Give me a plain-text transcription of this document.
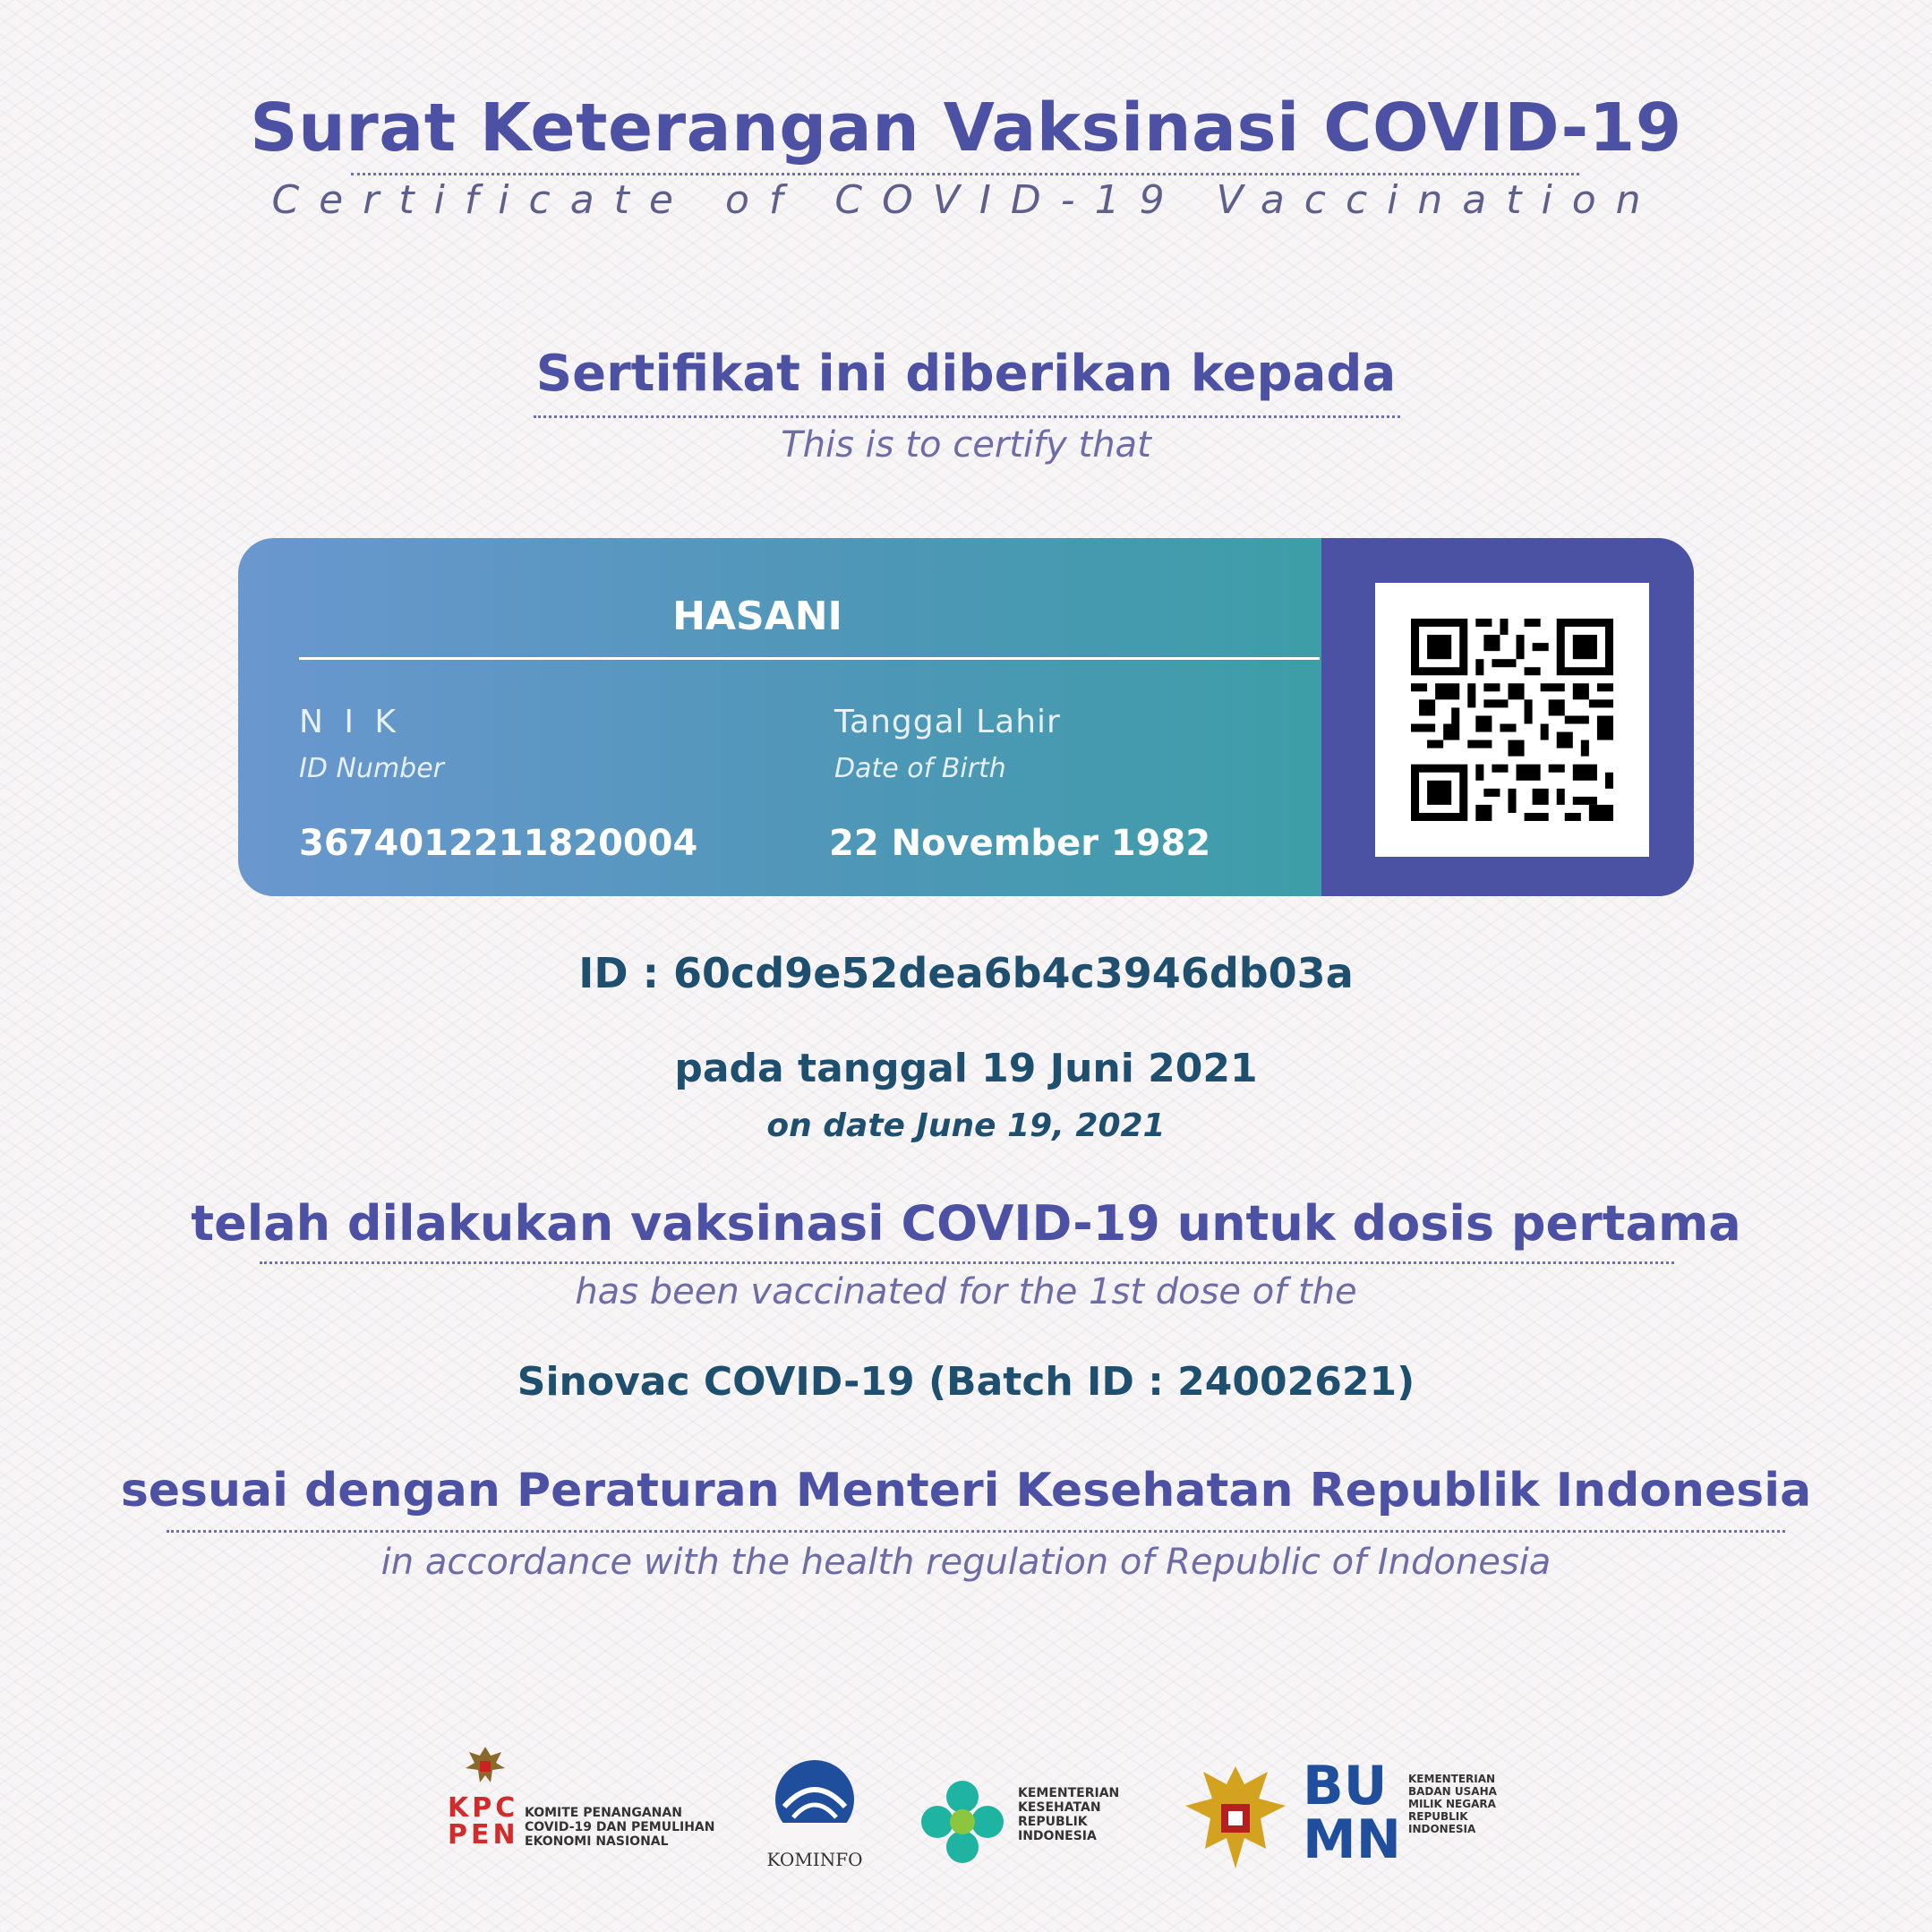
Surat Keterangan Vaksinasi COVID-19
Certificate of COVID-19 Vaccination
Sertifikat ini diberikan kepada
This is to certify that
HASANI
N I K
ID Number
3674012211820004
Tanggal Lahir
Date of Birth
22 November 1982
ID : 60cd9e52dea6b4c3946db03a
pada tanggal 19 Juni 2021
on date June 19, 2021
telah dilakukan vaksinasi COVID-19 untuk dosis pertama
has been vaccinated for the 1st dose of the
Sinovac COVID-19 (Batch ID : 24002621)
sesuai dengan Peraturan Menteri Kesehatan Republik Indonesia
in accordance with the health regulation of Republic of Indonesia
KPC
PEN
KOMITE PENANGANAN
COVID-19 DAN PEMULIHAN
EKONOMI NASIONAL
KOMINFO
KEMENTERIAN
KESEHATAN
REPUBLIK
INDONESIA
BUMN
KEMENTERIAN
BADAN USAHA
MILIK NEGARA
REPUBLIK
INDONESIA
